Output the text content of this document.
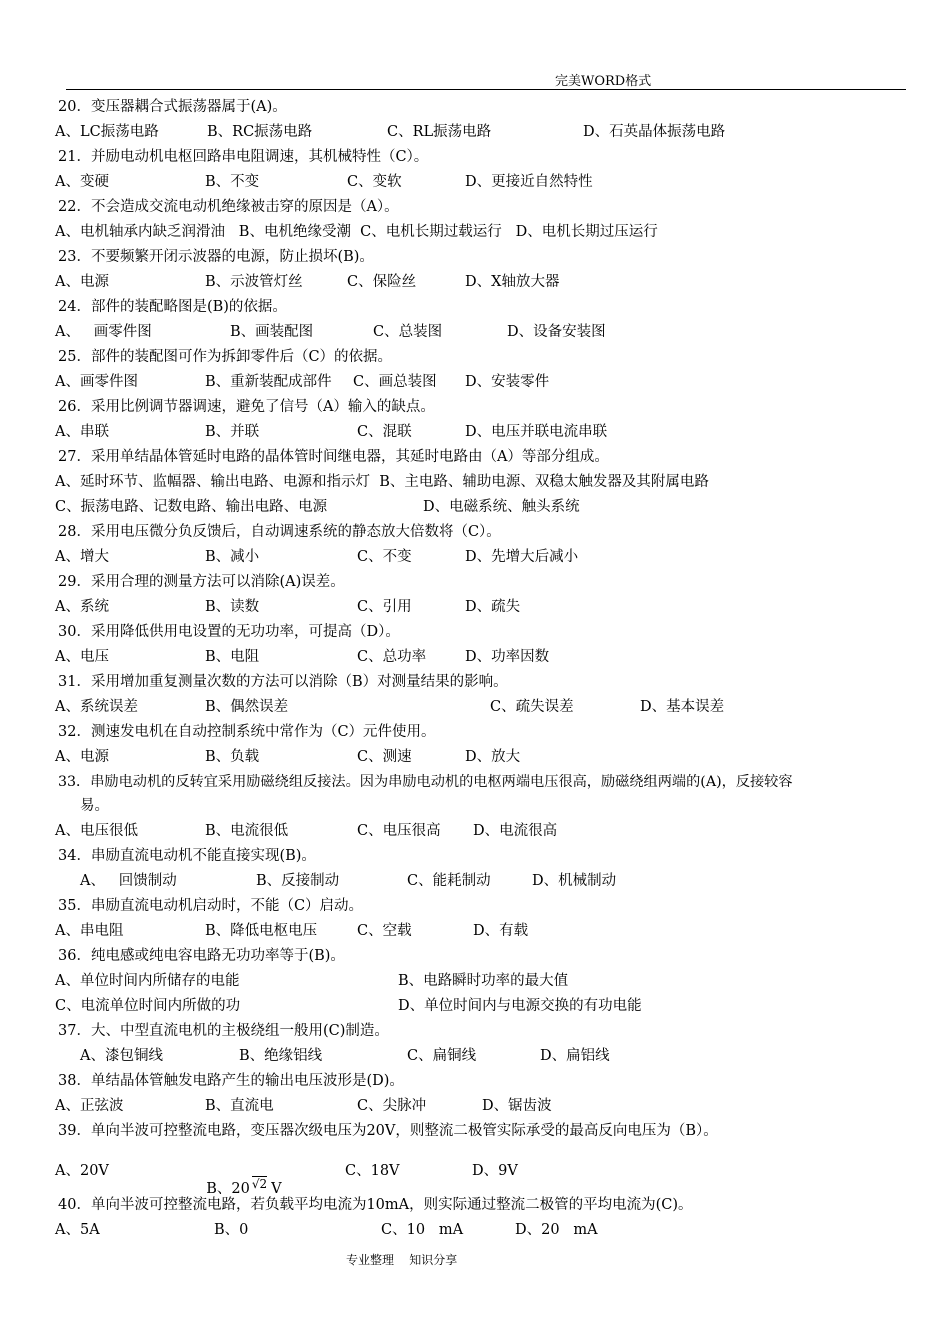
完美WORD格式
20．变压器耦合式振荡器属于(A)。
A、LC振荡电路	B、RC振荡电路	C、RL振荡电路	D、石英晶体振荡电路
21．并励电动机电枢回路串电阻调速，其机械特性（C）。
A、变硬	B、不变	C、变软	D、更接近自然特性
22．不会造成交流电动机绝缘被击穿的原因是（A）。
A、电机轴承内缺乏润滑油   B、电机绝缘受潮  C、电机长期过载运行   D、电机长期过压运行
23．不要频繁开闭示波器的电源，防止损坏(B)。
A、电源	B、示波管灯丝	C、保险丝	D、X轴放大器
24．部件的装配略图是(B)的依据。
A、   画零件图	B、画装配图	C、总装图	D、设备安装图
25．部件的装配图可作为拆卸零件后（C）的依据。
A、画零件图	B、重新装配成部件 C、画总装图 D、安装零件
26．采用比例调节器调速，避免了信号（A）输入的缺点。
A、串联	B、并联	C、混联	D、电压并联电流串联
27．采用单结晶体管延时电路的晶体管时间继电器，其延时电路由（A）等部分组成。
A、延时环节、监幅器、输出电路、电源和指示灯  B、主电路、辅助电源、双稳太触发器及其附属电路
C、振荡电路、记数电路、输出电路、电源	D、电磁系统、触头系统
28．采用电压微分负反馈后，自动调速系统的静态放大倍数将（C）。
A、增大	B、减小	C、不变	D、先增大后减小
29．采用合理的测量方法可以消除(A)误差。
A、系统	B、读数	C、引用	D、疏失
30．采用降低供用电设置的无功功率，可提高（D）。
A、电压	B、电阻	C、总功率	D、功率因数
31．采用增加重复测量次数的方法可以消除（B）对测量结果的影响。
A、系统误差	B、偶然误差	C、疏失误差	D、基本误差
32．测速发电机在自动控制系统中常作为（C）元件使用。
A、电源	B、负载	C、测速	D、放大
33．串励电动机的反转宜采用励磁绕组反接法。因为串励电动机的电枢两端电压很高，励磁绕组两端的(A)，反接较容
易。
A、电压很低	B、电流很低	C、电压很高 D、电流很高
34．串励直流电动机不能直接实现(B)。
A、   回馈制动	B、反接制动	C、能耗制动	D、机械制动
35．串励直流电动机启动时，不能（C）启动。
A、串电阻	B、降低电枢电压	C、空载	D、有载
36．纯电感或纯电容电路无功功率等于(B)。
A、单位时间内所储存的电能	B、电路瞬时功率的最大值
C、电流单位时间内所做的功	D、单位时间内与电源交换的有功电能
37．大、中型直流电机的主极绕组一般用(C)制造。
A、漆包铜线	B、绝缘铝线	C、扁铜线	D、扁铝线
38．单结晶体管触发电路产生的输出电压波形是(D)。
A、正弦波	B、直流电	C、尖脉冲	D、锯齿波
39．单向半波可控整流电路，变压器次级电压为20V，则整流二极管实际承受的最高反向电压为（B）。
A、20V

B、20 $^{√2}$ V

C、18V	D、9V
40．单向半波可控整流电路，若负载平均电流为10mA，则实际通过整流二极管的平均电流为(C)。
A、5A	B、0	C、10   mA	D、20   mA
专业整理    知识分享
